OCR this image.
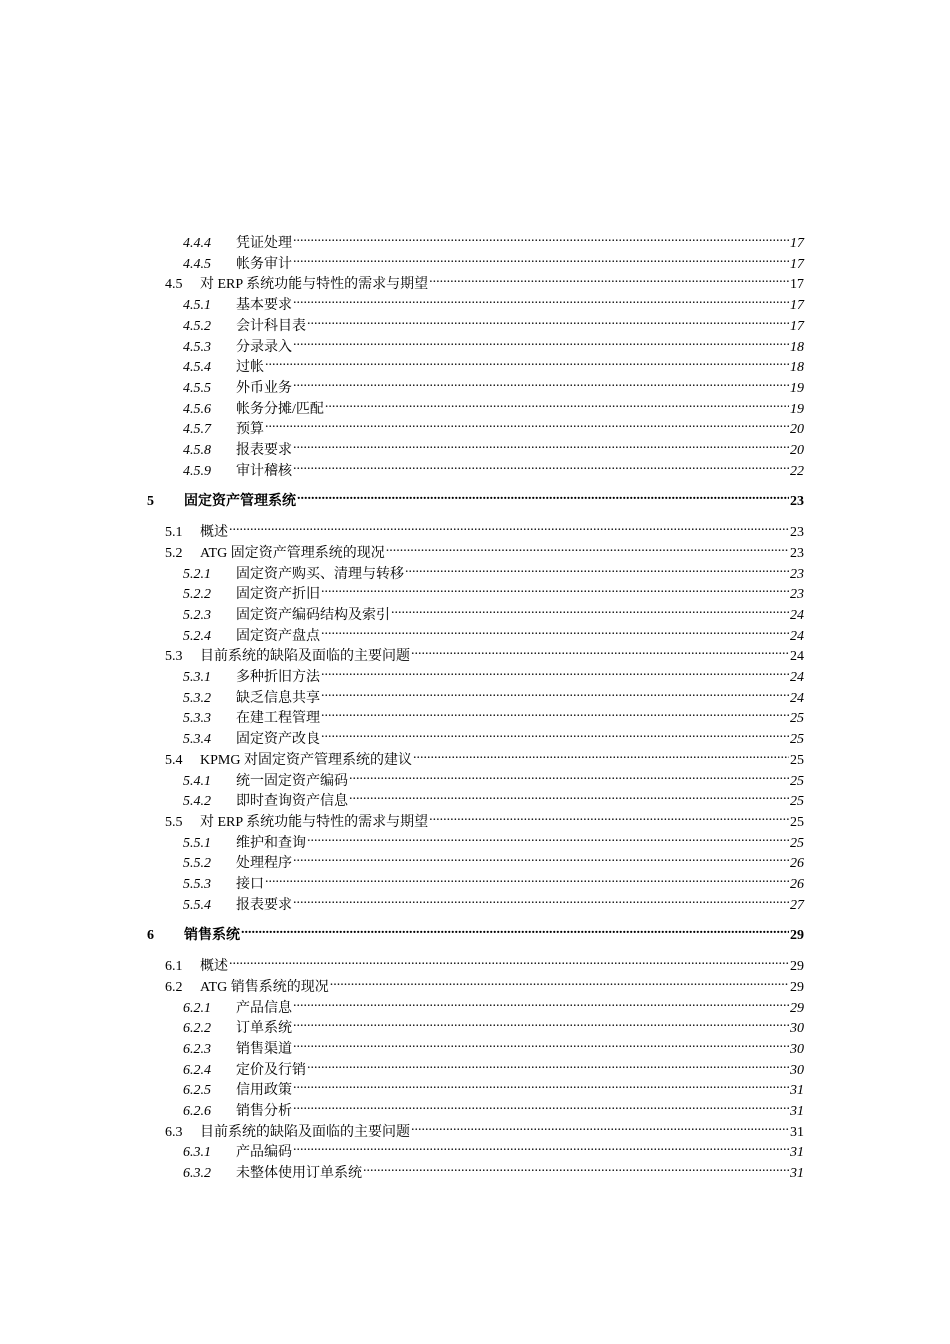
4.4.4	凭证处理 .....	17
4.4.5	帐务审计 .....	17
4.5	对 ERP 系统功能与特性的需求与期望 .....	17
4.5.1	基本要求 .....	17
4.5.2	会计科目表 .....	17
4.5.3	分录录入 .....	18
4.5.4	过帐 .....	18
4.5.5	外币业务 .....	19
4.5.6	帐务分摊/匹配 .....	19
4.5.7	预算 .....	20
4.5.8	报表要求 .....	20
4.5.9	审计稽核 .....	22
5	固定资产管理系统 .....	23
5.1	概述 .....	23
5.2	ATG 固定资产管理系统的现况 .....	23
5.2.1	固定资产购买、清理与转移 .....	23
5.2.2	固定资产折旧 .....	23
5.2.3	固定资产编码结构及索引 .....	24
5.2.4	固定资产盘点 .....	24
5.3	目前系统的缺陷及面临的主要问题 .....	24
5.3.1	多种折旧方法 .....	24
5.3.2	缺乏信息共享 .....	24
5.3.3	在建工程管理 .....	25
5.3.4	固定资产改良 .....	25
5.4	KPMG 对固定资产管理系统的建议 .....	25
5.4.1	统一固定资产编码 .....	25
5.4.2	即时查询资产信息 .....	25
5.5	对 ERP 系统功能与特性的需求与期望 .....	25
5.5.1	维护和查询 .....	25
5.5.2	处理程序 .....	26
5.5.3	接口 .....	26
5.5.4	报表要求 .....	27
6	销售系统 .....	29
6.1	概述 .....	29
6.2	ATG 销售系统的现况 .....	29
6.2.1	产品信息 .....	29
6.2.2	订单系统 .....	30
6.2.3	销售渠道 .....	30
6.2.4	定价及行销 .....	30
6.2.5	信用政策 .....	31
6.2.6	销售分析 .....	31
6.3	目前系统的缺陷及面临的主要问题 .....	31
6.3.1	产品编码 .....	31
6.3.2	未整体使用订单系统 .....	31
